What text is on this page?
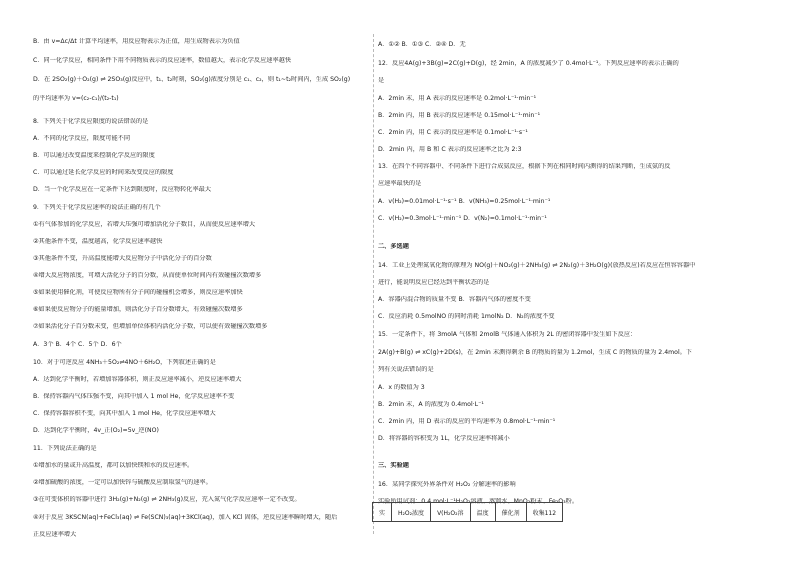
B．由 v=Δc/Δt 计算平均速率，用反应物表示为正值，用生成物表示为负值
C．同一化学反应，相同条件下用不同物质表示的反应速率，数值越大，表示化学反应速率越快
D．在 2SO₂(g)＋O₂(g) ⇌ 2SO₃(g)反应中，t₁、t₂时刻，SO₂(g)浓度分别是 c₁、c₂，则 t₁~t₂时间内，生成 SO₂(g)
的平均速率为 v=(c₂-c₁)/(t₂-t₁)
8．下列关于化学反应限度的说法错误的是
A．不同的化学反应，限度可能不同
B．可以通过改变温度来控制化学反应的限度
C．可以通过延长化学反应的时间来改变反应的限度
D．当一个化学反应在一定条件下达到限度时，反应物转化率最大
9．下列关于化学反应速率的说法正确的有几个
①有气体参加的化学反应，若增大压强可增加活化分子数目，从而使反应速率增大
②其他条件不变，温度越高，化学反应速率越快
③其他条件不变，升高温度能增大反应物分子中活化分子的百分数
④增大反应物浓度，可增大活化分子的百分数，从而使单位时间内有效碰撞次数增多
⑤如果使用催化剂，可使反应物所有分子间的碰撞机会增多，则反应速率加快
⑥如果使反应物分子的能量增加，则活化分子百分数增大，有效碰撞次数增多
⑦如果活化分子百分数未变，但增加单位体积内活化分子数，可以使有效碰撞次数增多
A．3个 B．4个 C．5个 D．6个
10．对于可逆反应 4NH₃＋5O₂⇌4NO＋6H₂O，下列叙述正确的是
A．达到化学平衡时，若增加容器体积，则正反应速率减小，逆反应速率增大
B．保持容器内气体压强不变，向其中加入 1 mol He，化学反应速率不变
C．保持容器容积不变，向其中加入 1 mol He，化学反应速率增大
D．达到化学平衡时，4v_正(O₂)=5v_逆(NO)
11．下列说法正确的是
①增加水的量或升高温度，都可以加快镁和水的反应速率。
②增加硫酸的浓度，一定可以加快锌与硫酸反应制取氢气的速率。
③在可变体积的容器中进行 3H₂(g)+N₂(g) ⇌ 2NH₃(g)反应，充入氮气化学反应速率一定不改变。
④对于反应 3KSCN(aq)+FeCl₃(aq) ⇌ Fe(SCN)₃(aq)+3KCl(aq)，加入 KCl 固体，逆反应速率瞬时增大，随后
正反应速率增大
A．①② B．①③ C．②④ D．无
12．反应4A(g)+3B(g)=2C(g)+D(g)，经 2min，A 的浓度减少了 0.4mol·L⁻¹。下列反应速率的表示正确的
是
A．2min 末，用 A 表示的反应速率是 0.2mol·L⁻¹·min⁻¹
B．2min 内，用 B 表示的反应速率是 0.15mol·L⁻¹·min⁻¹
C．2min 内，用 C 表示的反应速率是 0.1mol·L⁻¹·s⁻¹
D．2min 内，用 B 和 C 表示的反应速率之比为 2:3
13．在四个不同容器中、不同条件下进行合成氨反应，根据下列在相同时间内测得的结果判断，生成氨的反
应速率最快的是
A．v(H₂)=0.01mol·L⁻¹·s⁻¹ B．v(NH₃)=0.25mol·L⁻¹·min⁻¹
C．v(H₂)=0.3mol·L⁻¹·min⁻¹ D．v(N₂)=0.1mol·L⁻¹·min⁻¹
二、多选题
14．工业上处理氮氧化物的原理为 NO(g)＋NO₂(g)＋2NH₃(g) ⇌ 2N₂(g)＋3H₂O(g)(放热反应)若反应在恒容容器中
进行，能说明反应已经达到平衡状态的是
A．容器内混合物的质量不变 B．容器内气体的密度不变
C．反应消耗 0.5molNO 的同时消耗 1molN₂ D．N₂的浓度不变
15．一定条件下，将 3molA 气体和 2molB 气体通入体积为 2L 的密闭容器中发生如下反应：
2A(g)+B(g) ⇌ xC(g)+2D(s)，在 2min 末测得剩余 B 的物质的量为 1.2mol，生成 C 的物质的量为 2.4mol。下
列有关说法错误的是
A．x 的数值为 3
B．2min 末，A 的浓度为 0.4mol·L⁻¹
C．2min 内，用 D 表示的反应的平均速率为 0.8mol·L⁻¹·min⁻¹
D．将容器的容积变为 1L，化学反应速率将减小
三、实验题
16．某同学探究外界条件对 H₂O₂ 分解速率的影响
实验所用试剂：0.4 mol·L⁻¹H₂O₂溶液、蒸馏水、MnO₂粉末、Fe₂O₃粉。
实	H₂O₂浓度	V(H₂O₂溶	温度	催化剂	收集112
